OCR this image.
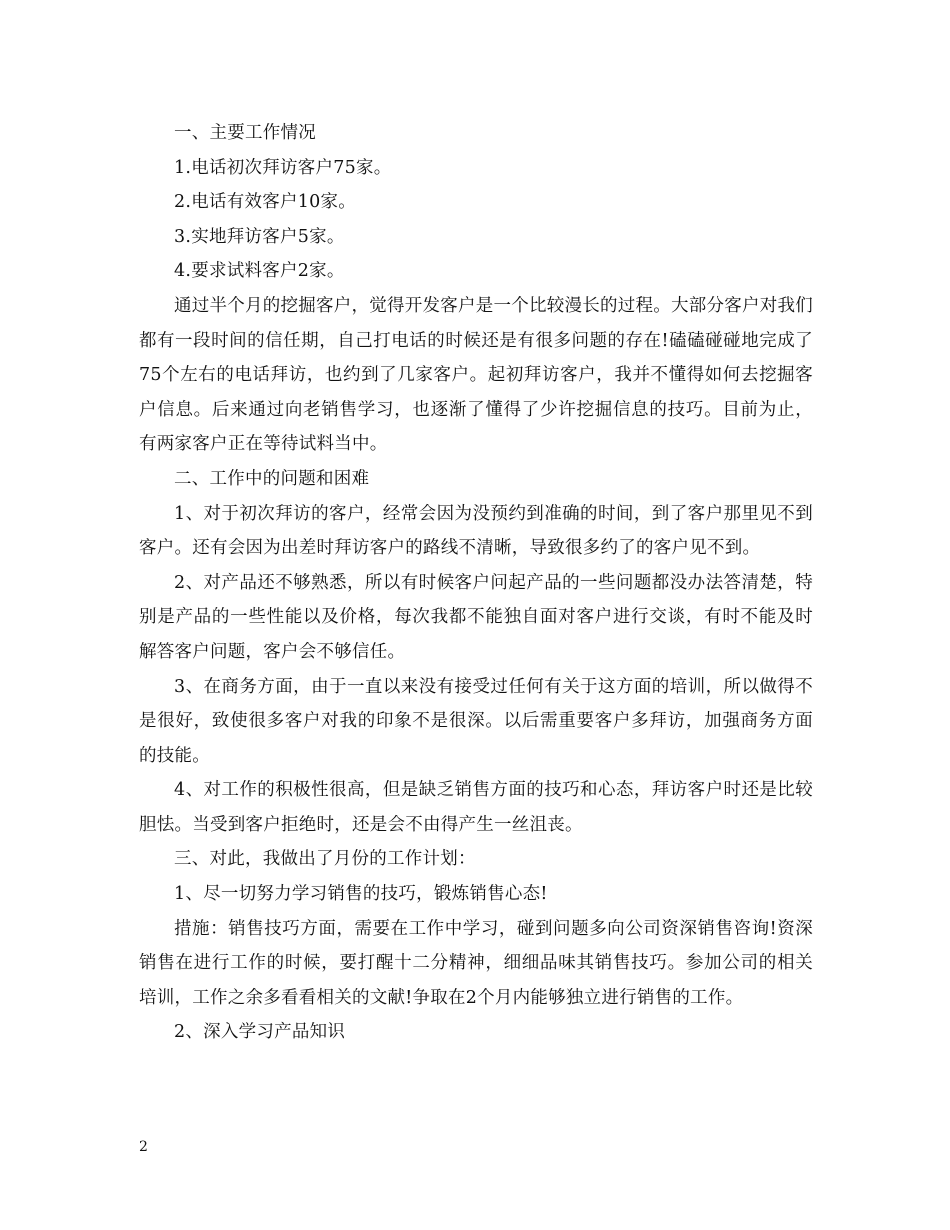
一、主要工作情况

1.电话初次拜访客户75家。

2.电话有效客户10家。

3.实地拜访客户5家。

4.要求试料客户2家。

通过半个月的挖掘客户，觉得开发客户是一个比较漫长的过程。大部分客户对我们都有一段时间的信任期，自己打电话的时候还是有很多问题的存在!磕磕碰碰地完成了75个左右的电话拜访，也约到了几家客户。起初拜访客户，我并不懂得如何去挖掘客户信息。后来通过向老销售学习，也逐渐了懂得了少许挖掘信息的技巧。目前为止，有两家客户正在等待试料当中。

二、工作中的问题和困难

1、对于初次拜访的客户，经常会因为没预约到准确的时间，到了客户那里见不到客户。还有会因为出差时拜访客户的路线不清晰，导致很多约了的客户见不到。

2、对产品还不够熟悉，所以有时候客户问起产品的一些问题都没办法答清楚，特别是产品的一些性能以及价格，每次我都不能独自面对客户进行交谈，有时不能及时解答客户问题，客户会不够信任。

3、在商务方面，由于一直以来没有接受过任何有关于这方面的培训，所以做得不是很好，致使很多客户对我的印象不是很深。以后需重要客户多拜访，加强商务方面的技能。

4、对工作的积极性很高，但是缺乏销售方面的技巧和心态，拜访客户时还是比较胆怯。当受到客户拒绝时，还是会不由得产生一丝沮丧。

三、对此，我做出了月份的工作计划：

1、尽一切努力学习销售的技巧，锻炼销售心态!

措施：销售技巧方面，需要在工作中学习，碰到问题多向公司资深销售咨询!资深销售在进行工作的时候，要打醒十二分精神，细细品味其销售技巧。参加公司的相关培训，工作之余多看看相关的文献!争取在2个月内能够独立进行销售的工作。

2、深入学习产品知识

2
